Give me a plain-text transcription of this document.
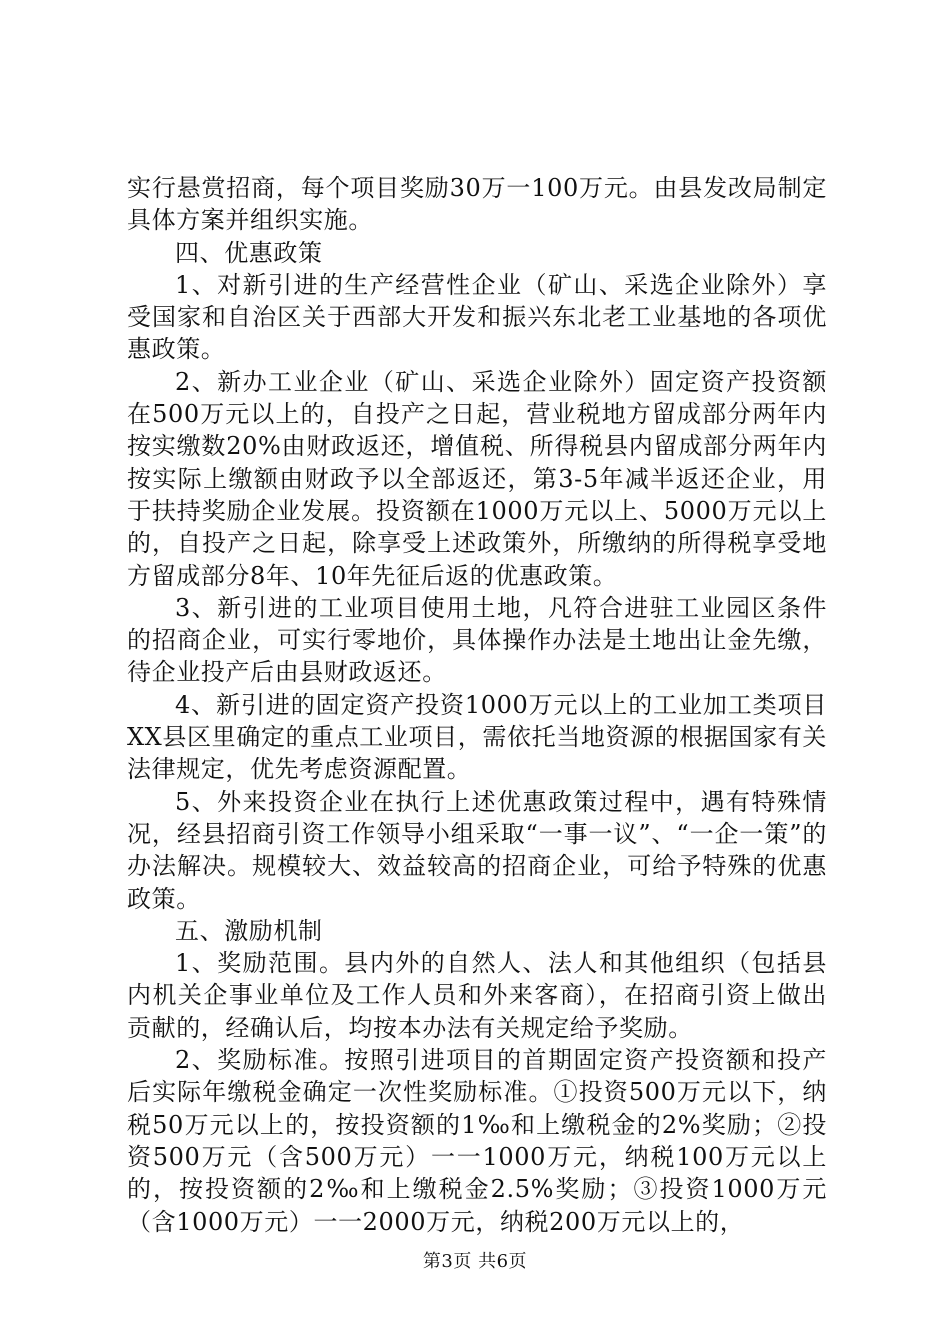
实行悬赏招商，每个项目奖励30万一100万元。由县发改局制定具体方案并组织实施。

四、优惠政策

1、对新引进的生产经营性企业（矿山、采选企业除外）享受国家和自治区关于西部大开发和振兴东北老工业基地的各项优惠政策。

2、新办工业企业（矿山、采选企业除外）固定资产投资额在500万元以上的，自投产之日起，营业税地方留成部分两年内按实缴数20%由财政返还，增值税、所得税县内留成部分两年内按实际上缴额由财政予以全部返还，第3-5年减半返还企业，用于扶持奖励企业发展。投资额在1000万元以上、5000万元以上的，自投产之日起，除享受上述政策外，所缴纳的所得税享受地方留成部分8年、10年先征后返的优惠政策。

3、新引进的工业项目使用土地，凡符合进驻工业园区条件的招商企业，可实行零地价，具体操作办法是土地出让金先缴，待企业投产后由县财政返还。

4、新引进的固定资产投资1000万元以上的工业加工类项目XX县区里确定的重点工业项目，需依托当地资源的根据国家有关法律规定，优先考虑资源配置。

5、外来投资企业在执行上述优惠政策过程中，遇有特殊情况，经县招商引资工作领导小组采取“一事一议”、“一企一策”的办法解决。规模较大、效益较高的招商企业，可给予特殊的优惠政策。

五、激励机制

1、奖励范围。县内外的自然人、法人和其他组织（包括县内机关企事业单位及工作人员和外来客商），在招商引资上做出贡献的，经确认后，均按本办法有关规定给予奖励。

2、奖励标准。按照引进项目的首期固定资产投资额和投产后实际年缴税金确定一次性奖励标准。①投资500万元以下，纳税50万元以上的，按投资额的1‰和上缴税金的2%奖励；②投资500万元（含500万元）一一1000万元，纳税100万元以上的，按投资额的2‰和上缴税金2.5%奖励；③投资1000万元（含1000万元）一一2000万元，纳税200万元以上的，

第3页 共6页
